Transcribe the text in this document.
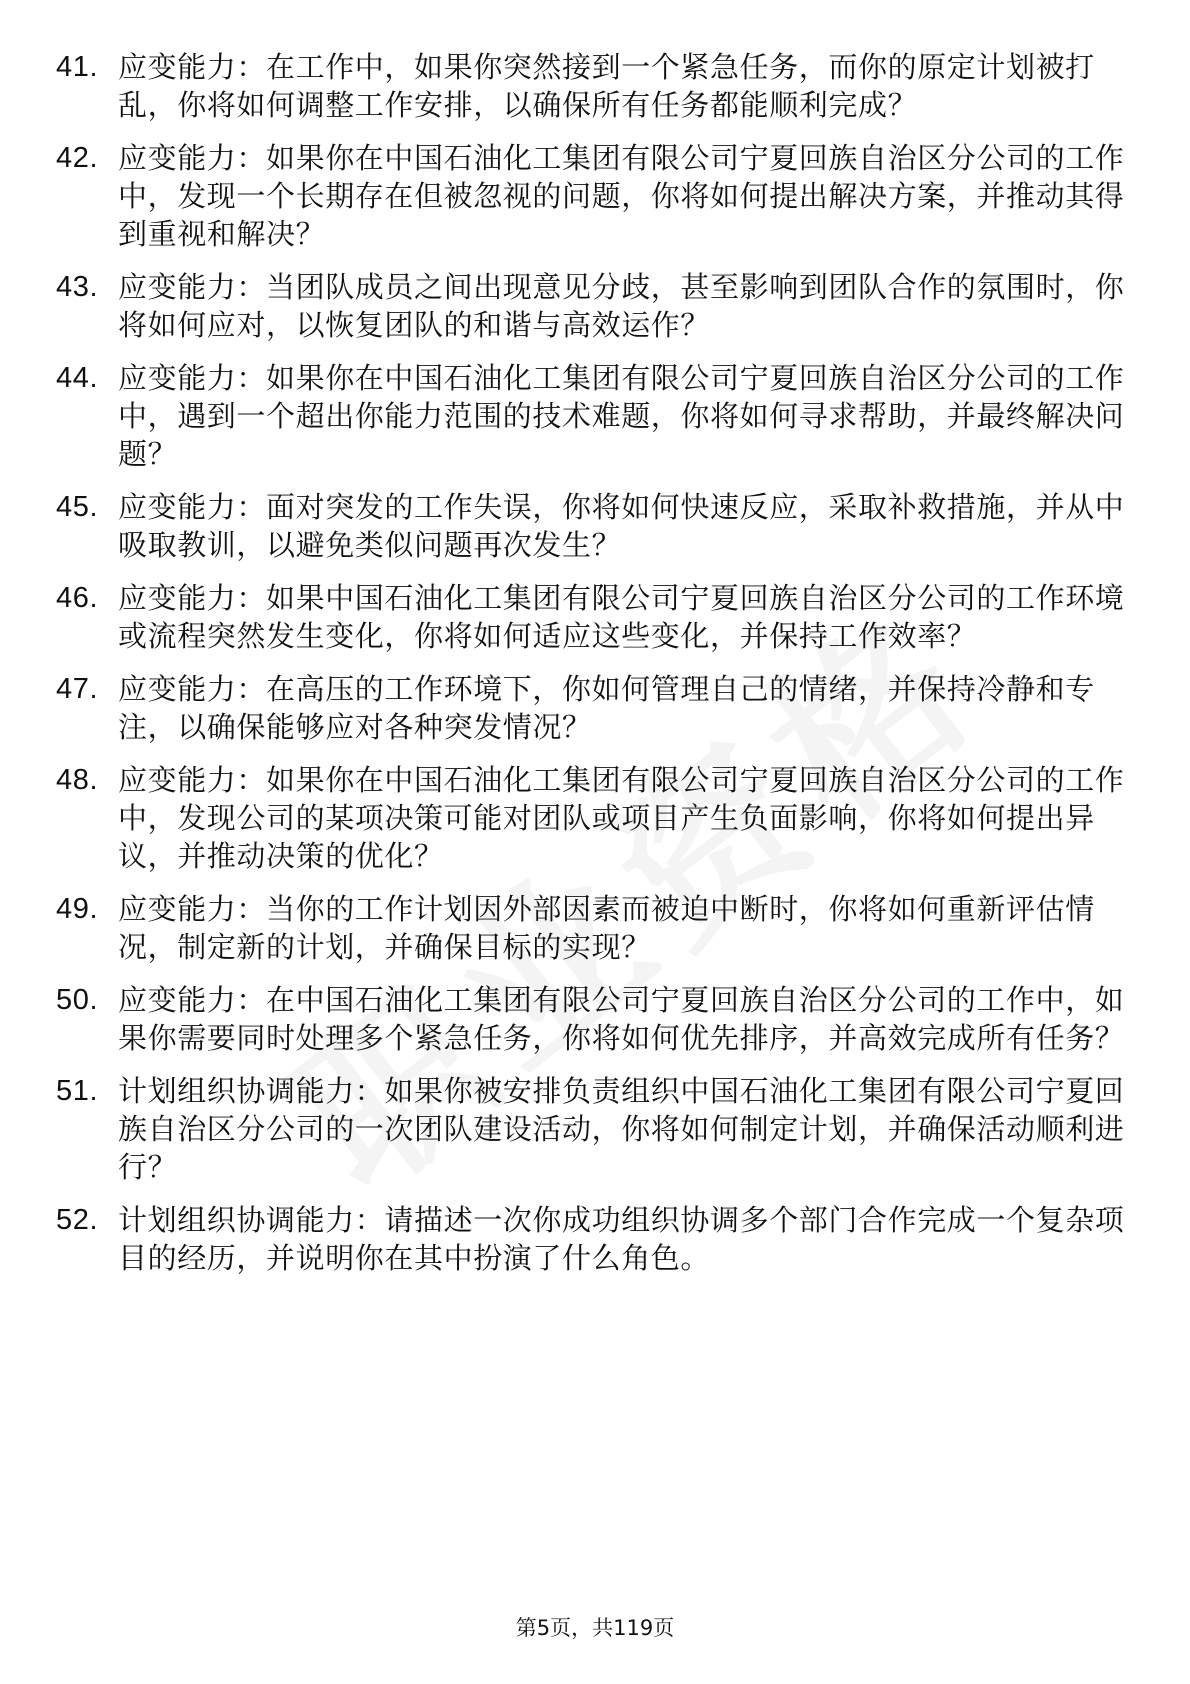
41. 应变能力：在工作中，如果你突然接到一个紧急任务，而你的原定计划被打乱，你将如何调整工作安排，以确保所有任务都能顺利完成？
42. 应变能力：如果你在中国石油化工集团有限公司宁夏回族自治区分公司的工作中，发现一个长期存在但被忽视的问题，你将如何提出解决方案，并推动其得到重视和解决？
43. 应变能力：当团队成员之间出现意见分歧，甚至影响到团队合作的氛围时，你将如何应对，以恢复团队的和谐与高效运作？
44. 应变能力：如果你在中国石油化工集团有限公司宁夏回族自治区分公司的工作中，遇到一个超出你能力范围的技术难题，你将如何寻求帮助，并最终解决问题？
45. 应变能力：面对突发的工作失误，你将如何快速反应，采取补救措施，并从中吸取教训，以避免类似问题再次发生？
46. 应变能力：如果中国石油化工集团有限公司宁夏回族自治区分公司的工作环境或流程突然发生变化，你将如何适应这些变化，并保持工作效率？
47. 应变能力：在高压的工作环境下，你如何管理自己的情绪，并保持冷静和专注，以确保能够应对各种突发情况？
48. 应变能力：如果你在中国石油化工集团有限公司宁夏回族自治区分公司的工作中，发现公司的某项决策可能对团队或项目产生负面影响，你将如何提出异议，并推动决策的优化？
49. 应变能力：当你的工作计划因外部因素而被迫中断时，你将如何重新评估情况，制定新的计划，并确保目标的实现？
50. 应变能力：在中国石油化工集团有限公司宁夏回族自治区分公司的工作中，如果你需要同时处理多个紧急任务，你将如何优先排序，并高效完成所有任务？
51. 计划组织协调能力：如果你被安排负责组织中国石油化工集团有限公司宁夏回族自治区分公司的一次团队建设活动，你将如何制定计划，并确保活动顺利进行？
52. 计划组织协调能力：请描述一次你成功组织协调多个部门合作完成一个复杂项目的经历，并说明你在其中扮演了什么角色。
第5页，共119页
